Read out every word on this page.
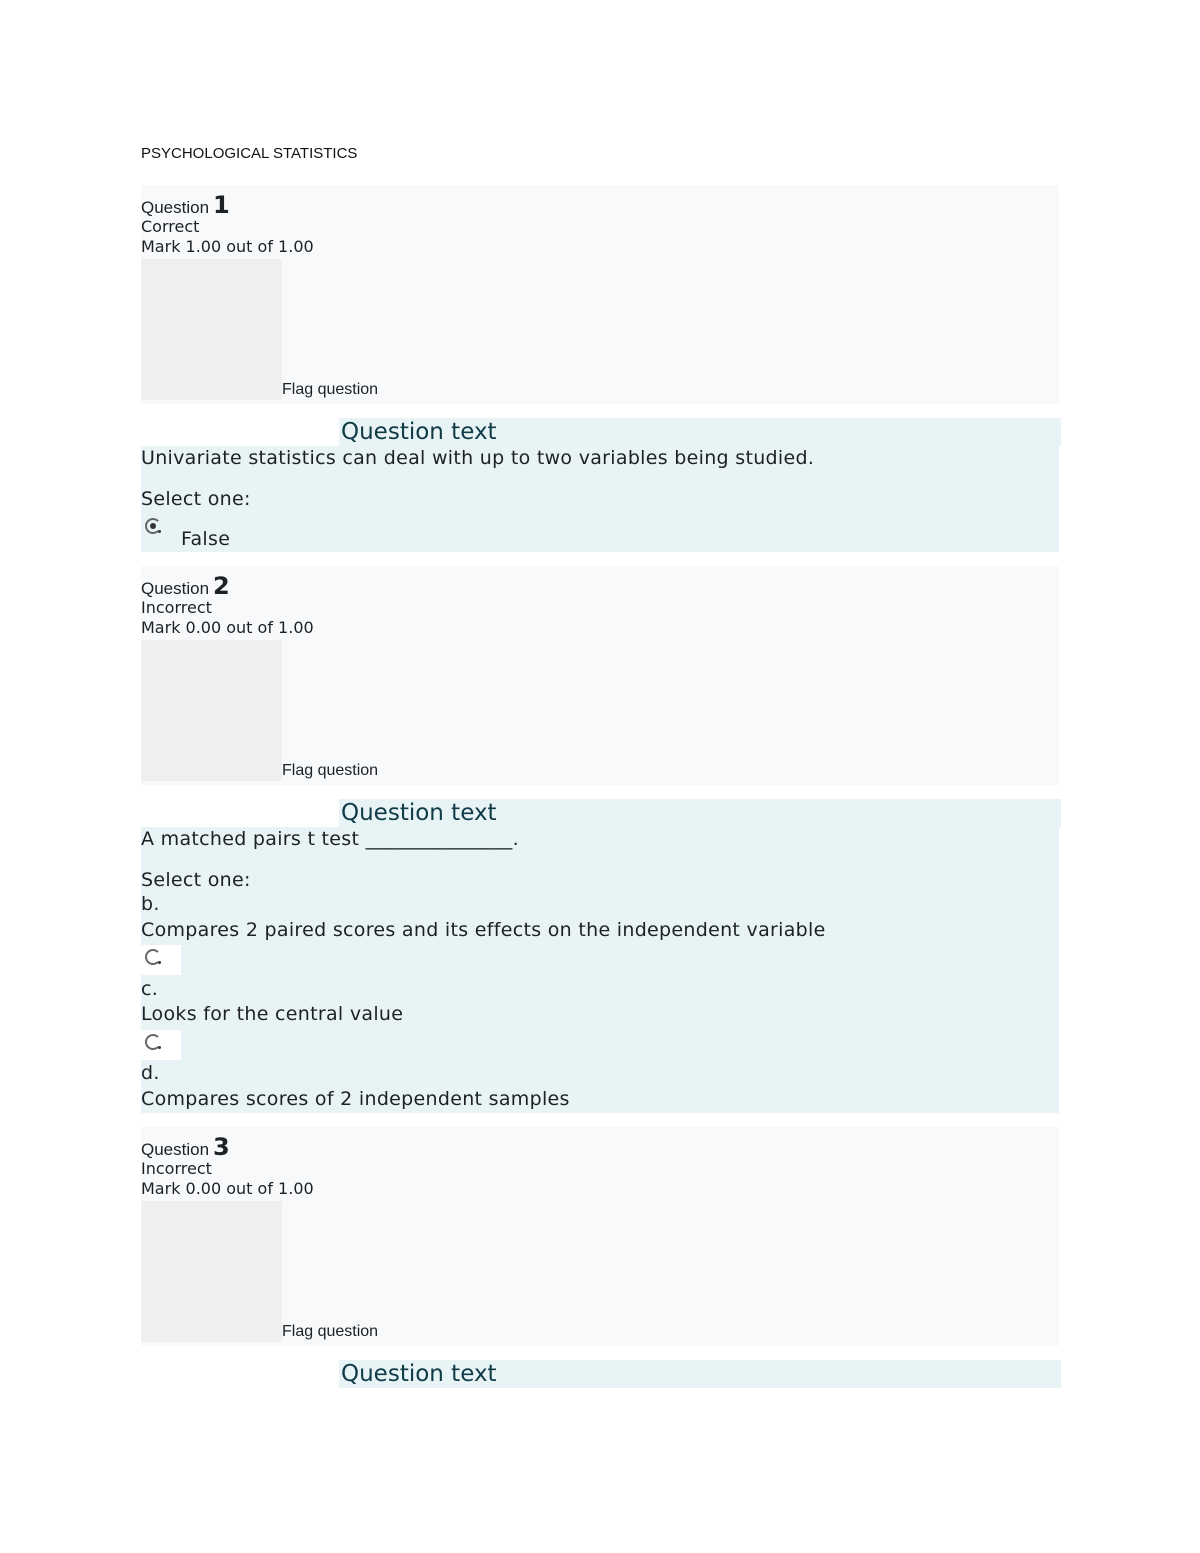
PSYCHOLOGICAL STATISTICS
Question 1
Correct
Mark 1.00 out of 1.00
Flag question
Question text
Univariate statistics can deal with up to two variables being studied.
Select one:
False
Question 2
Incorrect
Mark 0.00 out of 1.00
Flag question
Question text
A matched pairs t test _______________.
Select one:
b.
Compares 2 paired scores and its effects on the independent variable
c.
Looks for the central value
d.
Compares scores of 2 independent samples
Question 3
Incorrect
Mark 0.00 out of 1.00
Flag question
Question text
